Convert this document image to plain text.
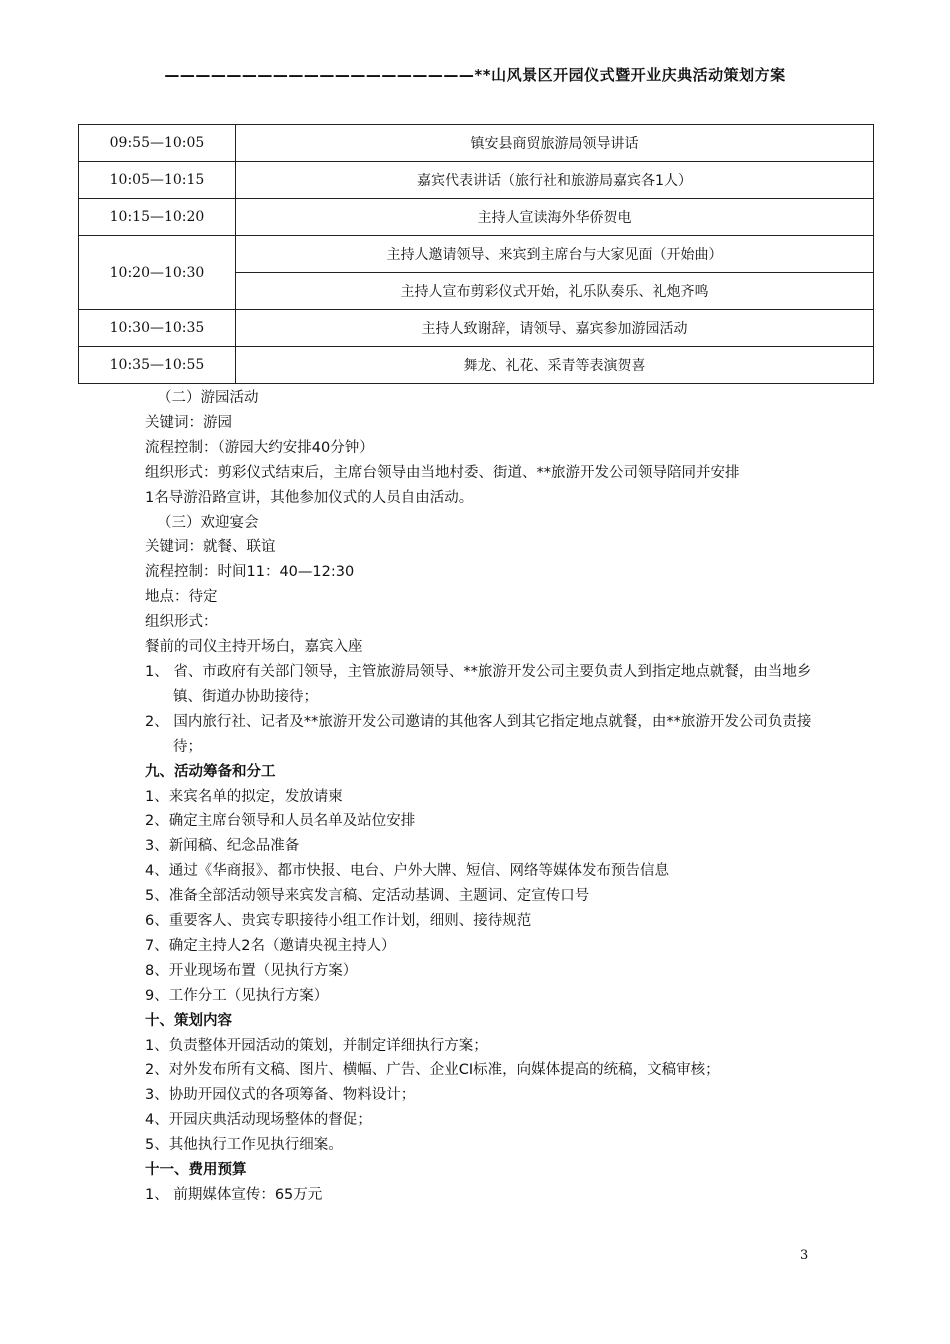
————————————————————**山风景区开园仪式暨开业庆典活动策划方案
09:55—10:05	镇安县商贸旅游局领导讲话
10:05—10:15	嘉宾代表讲话（旅行社和旅游局嘉宾各1人）
10:15—10:20	主持人宣读海外华侨贺电
10:20—10:30	主持人邀请领导、来宾到主席台与大家见面（开始曲）
	主持人宣布剪彩仪式开始，礼乐队奏乐、礼炮齐鸣
10:30—10:35	主持人致谢辞，请领导、嘉宾参加游园活动
10:35—10:55	舞龙、礼花、采青等表演贺喜

（二）游园活动

关键词：游园

流程控制：（游园大约安排40分钟）

组织形式：剪彩仪式结束后，主席台领导由当地村委、街道、**旅游开发公司领导陪同并安排

1名导游沿路宣讲，其他参加仪式的人员自由活动。

（三）欢迎宴会

关键词：就餐、联谊

流程控制：时间11：40—12:30

地点：待定

组织形式：

餐前的司仪主持开场白，嘉宾入座

1、 省、市政府有关部门领导，主管旅游局领导、**旅游开发公司主要负责人到指定地点就餐，由当地乡镇、街道办协助接待；

2、 国内旅行社、记者及**旅游开发公司邀请的其他客人到其它指定地点就餐，由**旅游开发公司负责接待；

九、活动筹备和分工

1、来宾名单的拟定，发放请柬

2、确定主席台领导和人员名单及站位安排

3、新闻稿、纪念品准备

4、通过《华商报》、都市快报、电台、户外大牌、短信、网络等媒体发布预告信息

5、准备全部活动领导来宾发言稿、定活动基调、主题词、定宣传口号

6、重要客人、贵宾专职接待小组工作计划，细则、接待规范

7、确定主持人2名（邀请央视主持人）

8、开业现场布置（见执行方案）

9、工作分工（见执行方案）

十、策划内容

1、负责整体开园活动的策划，并制定详细执行方案；

2、对外发布所有文稿、图片、横幅、广告、企业CI标准，向媒体提高的统稿，文稿审核；

3、协助开园仪式的各项筹备、物料设计；

4、开园庆典活动现场整体的督促；

5、其他执行工作见执行细案。

十一、费用预算

1、 前期媒体宣传：65万元

3
